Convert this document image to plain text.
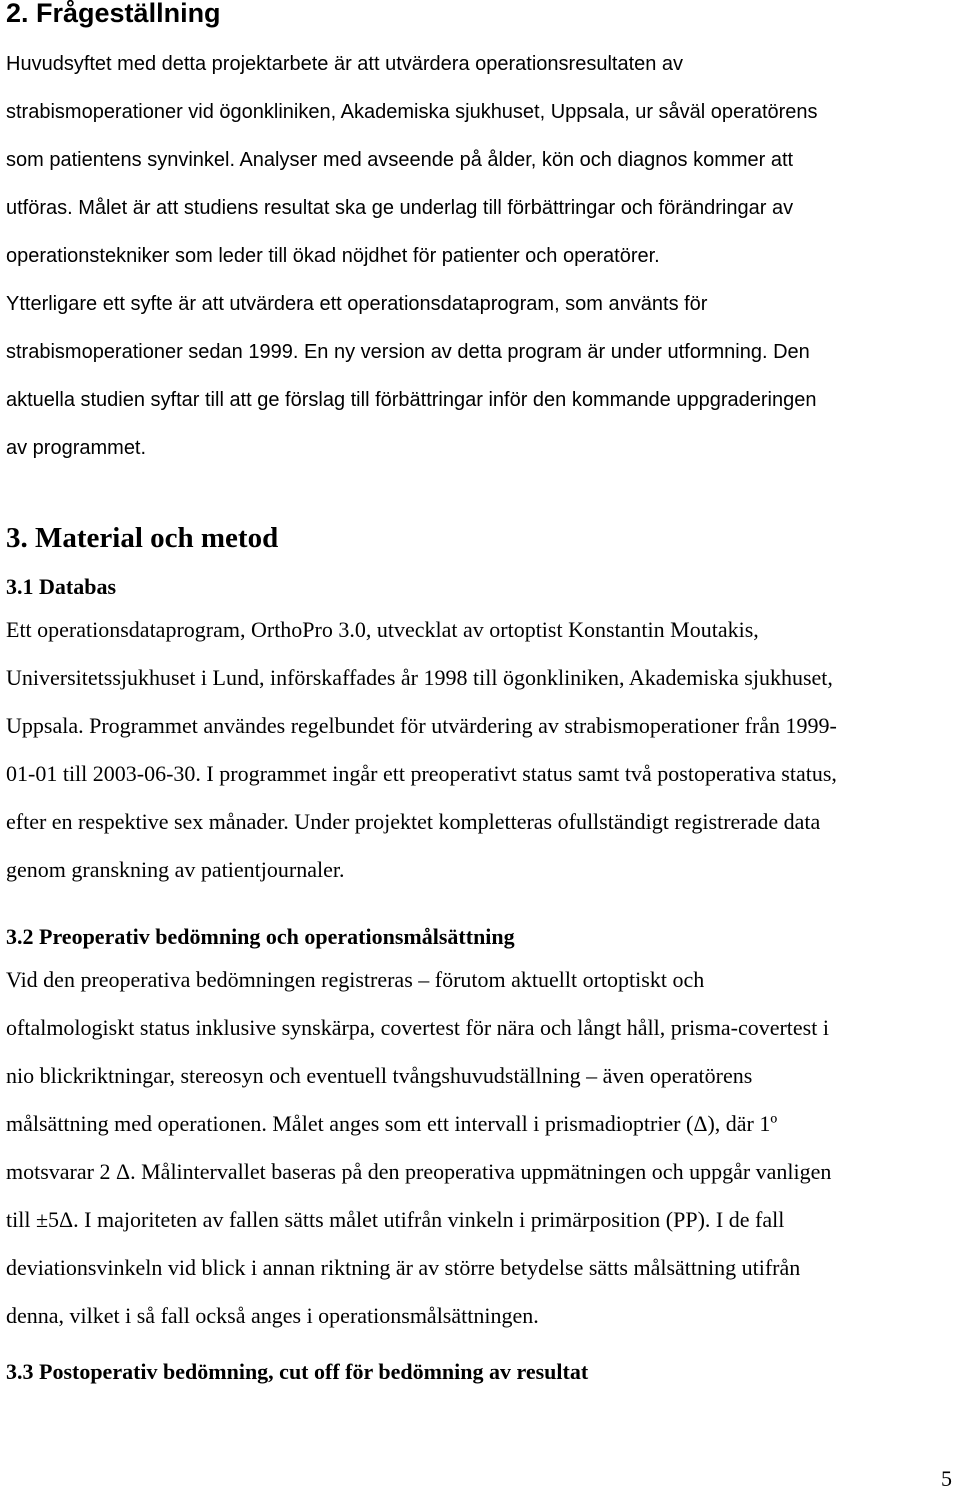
2. Frågeställning
Huvudsyftet med detta projektarbete är att utvärdera operationsresultaten av
strabismoperationer vid ögonkliniken, Akademiska sjukhuset, Uppsala, ur såväl operatörens
som patientens synvinkel. Analyser med avseende på ålder, kön och diagnos kommer att
utföras. Målet är att studiens resultat ska ge underlag till förbättringar och förändringar av
operationstekniker som leder till ökad nöjdhet för patienter och operatörer.
Ytterligare ett syfte är att utvärdera ett operationsdataprogram, som använts för
strabismoperationer sedan 1999. En ny version av detta program är under utformning. Den
aktuella studien syftar till att ge förslag till förbättringar inför den kommande uppgraderingen
av programmet.
3. Material och metod
3.1 Databas
Ett operationsdataprogram, OrthoPro 3.0, utvecklat av ortoptist Konstantin Moutakis,
Universitetssjukhuset i Lund, införskaffades år 1998 till ögonkliniken, Akademiska sjukhuset,
Uppsala. Programmet användes regelbundet för utvärdering av strabismoperationer från 1999-
01-01 till 2003-06-30. I programmet ingår ett preoperativt status samt två postoperativa status,
efter en respektive sex månader. Under projektet kompletteras ofullständigt registrerade data
genom granskning av patientjournaler.
3.2 Preoperativ bedömning och operationsmålsättning
Vid den preoperativa bedömningen registreras – förutom aktuellt ortoptiskt och
oftalmologiskt status inklusive synskärpa, covertest för nära och långt håll, prisma-covertest i
nio blickriktningar, stereosyn och eventuell tvångshuvudställning – även operatörens
målsättning med operationen. Målet anges som ett intervall i prismadioptrier (Δ), där 1º
motsvarar 2 Δ. Målintervallet baseras på den preoperativa uppmätningen och uppgår vanligen
till ±5Δ. I majoriteten av fallen sätts målet utifrån vinkeln i primärposition (PP). I de fall
deviationsvinkeln vid blick i annan riktning är av större betydelse sätts målsättning utifrån
denna, vilket i så fall också anges i operationsmålsättningen.
3.3 Postoperativ bedömning, cut off för bedömning av resultat
5
